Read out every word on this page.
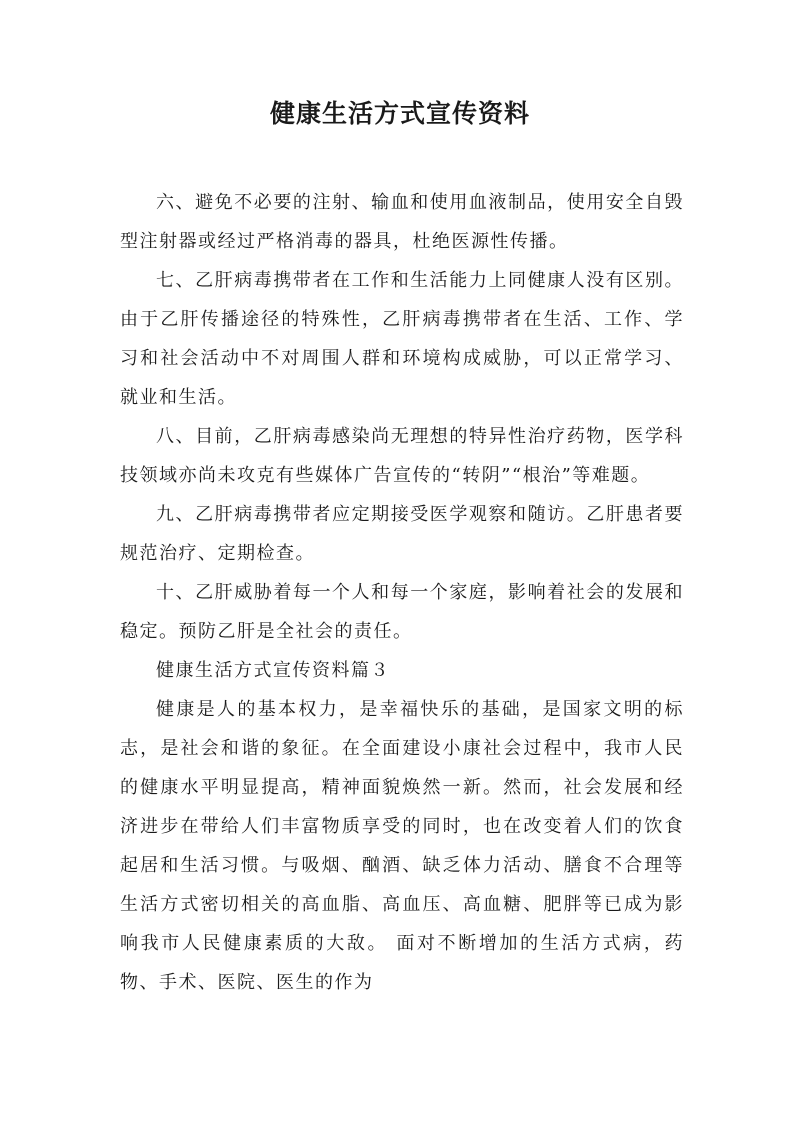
健康生活方式宣传资料

六、避免不必要的注射、输血和使用血液制品，使用安全自毁型注射器或经过严格消毒的器具，杜绝医源性传播。

七、乙肝病毒携带者在工作和生活能力上同健康人没有区别。由于乙肝传播途径的特殊性，乙肝病毒携带者在生活、工作、学习和社会活动中不对周围人群和环境构成威胁，可以正常学习、就业和生活。

八、目前，乙肝病毒感染尚无理想的特异性治疗药物，医学科技领域亦尚未攻克有些媒体广告宣传的“转阴”“根治”等难题。

九、乙肝病毒携带者应定期接受医学观察和随访。乙肝患者要规范治疗、定期检查。

十、乙肝威胁着每一个人和每一个家庭，影响着社会的发展和稳定。预防乙肝是全社会的责任。

健康生活方式宣传资料篇３

健康是人的基本权力，是幸福快乐的基础，是国家文明的标志，是社会和谐的象征。在全面建设小康社会过程中，我市人民的健康水平明显提高，精神面貌焕然一新。然而，社会发展和经济进步在带给人们丰富物质享受的同时，也在改变着人们的饮食起居和生活习惯。与吸烟、酗酒、缺乏体力活动、膳食不合理等生活方式密切相关的高血脂、高血压、高血糖、肥胖等已成为影响我市人民健康素质的大敌。 面对不断增加的生活方式病，药物、手术、医院、医生的作为
